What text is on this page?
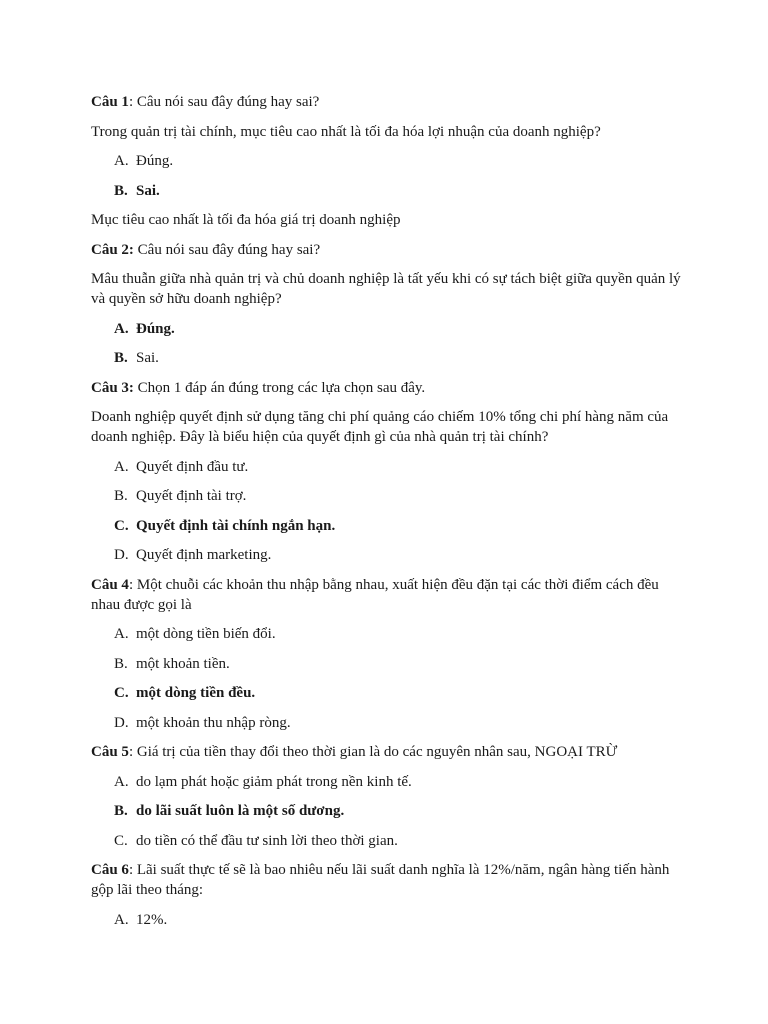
Câu 1: Câu nói sau đây đúng hay sai?

Trong quản trị tài chính, mục tiêu cao nhất là tối đa hóa lợi nhuận của doanh nghiệp?

A. Đúng.
B. Sai.

Mục tiêu cao nhất là tối đa hóa giá trị doanh nghiệp

Câu 2: Câu nói sau đây đúng hay sai?

Mâu thuẫn giữa nhà quản trị và chủ doanh nghiệp là tất yếu khi có sự tách biệt giữa quyền quản lý và quyền sở hữu doanh nghiệp?

A. Đúng.
B. Sai.

Câu 3: Chọn 1 đáp án đúng trong các lựa chọn sau đây.

Doanh nghiệp quyết định sử dụng tăng chi phí quảng cáo chiếm 10% tổng chi phí hàng năm của doanh nghiệp. Đây là biểu hiện của quyết định gì của nhà quản trị tài chính?

A. Quyết định đầu tư.
B. Quyết định tài trợ.
C. Quyết định tài chính ngắn hạn.
D. Quyết định marketing.

Câu 4: Một chuỗi các khoản thu nhập bằng nhau, xuất hiện đều đặn tại các thời điểm cách đều nhau được gọi là

A. một dòng tiền biến đổi.
B. một khoản tiền.
C. một dòng tiền đều.
D. một khoản thu nhập ròng.

Câu 5: Giá trị của tiền thay đổi theo thời gian là do các nguyên nhân sau, NGOẠI TRỪ

A. do lạm phát hoặc giảm phát trong nền kinh tế.
B. do lãi suất luôn là một số dương.
C. do tiền có thể đầu tư sinh lời theo thời gian.

Câu 6: Lãi suất thực tế sẽ là bao nhiêu nếu lãi suất danh nghĩa là 12%/năm, ngân hàng tiến hành gộp lãi theo tháng:

A. 12%.
